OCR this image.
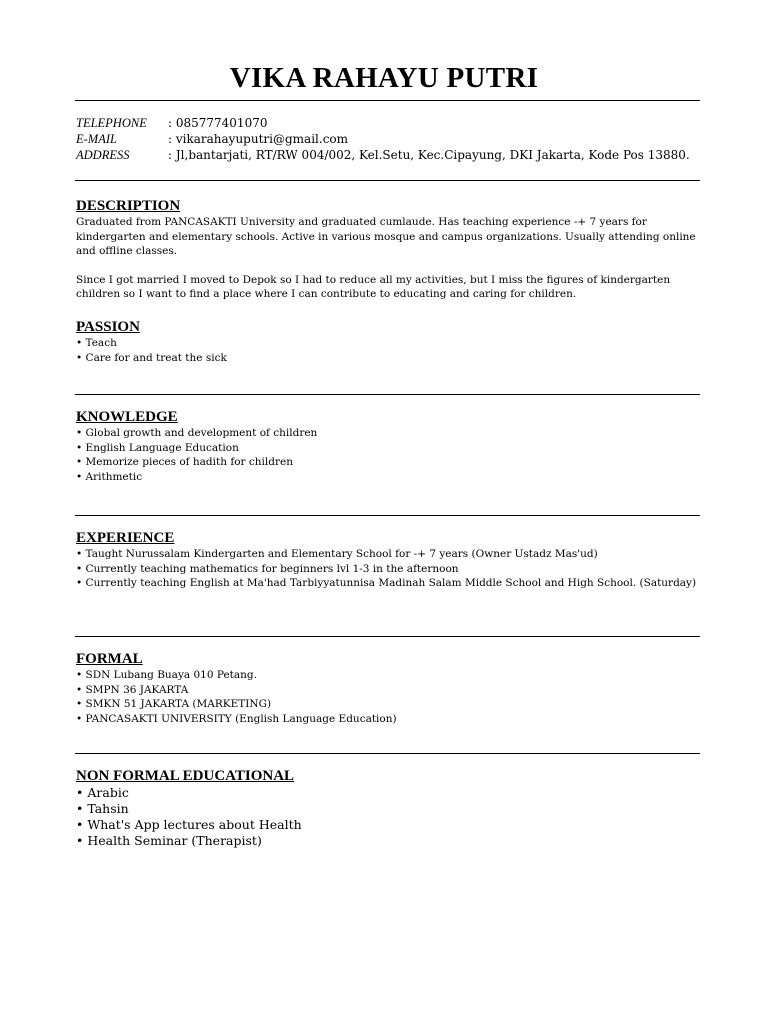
VIKA RAHAYU PUTRI
TELEPHONE	: 085777401070
E-MAIL	: vikarahayuputri@gmail.com
ADDRESS	: Jl,bantarjati, RT/RW 004/002, Kel.Setu, Kec.Cipayung, DKI Jakarta, Kode Pos 13880.
DESCRIPTION

Graduated from PANCASAKTI University and graduated cumlaude. Has teaching experience -+ 7 years for kindergarten and elementary schools. Active in various mosque and campus organizations. Usually attending online and offline classes.

Since I got married I moved to Depok so I had to reduce all my activities, but I miss the figures of kindergarten children so I want to find a place where I can contribute to educating and caring for children.

PASSION
• Teach
• Care for and treat the sick
KNOWLEDGE
• Global growth and development of children
• English Language Education
• Memorize pieces of hadith for children
• Arithmetic
EXPERIENCE
• Taught Nurussalam Kindergarten and Elementary School for -+ 7 years (Owner Ustadz Mas'ud)
• Currently teaching mathematics for beginners lvl 1-3 in the afternoon
• Currently teaching English at Ma'had Tarbiyyatunnisa Madinah Salam Middle School and High School. (Saturday)
FORMAL
• SDN Lubang Buaya 010 Petang.
• SMPN 36 JAKARTA
• SMKN 51 JAKARTA (MARKETING)
• PANCASAKTI UNIVERSITY (English Language Education)
NON FORMAL EDUCATIONAL
• Arabic
• Tahsin
• What's App lectures about Health
• Health Seminar (Therapist)
